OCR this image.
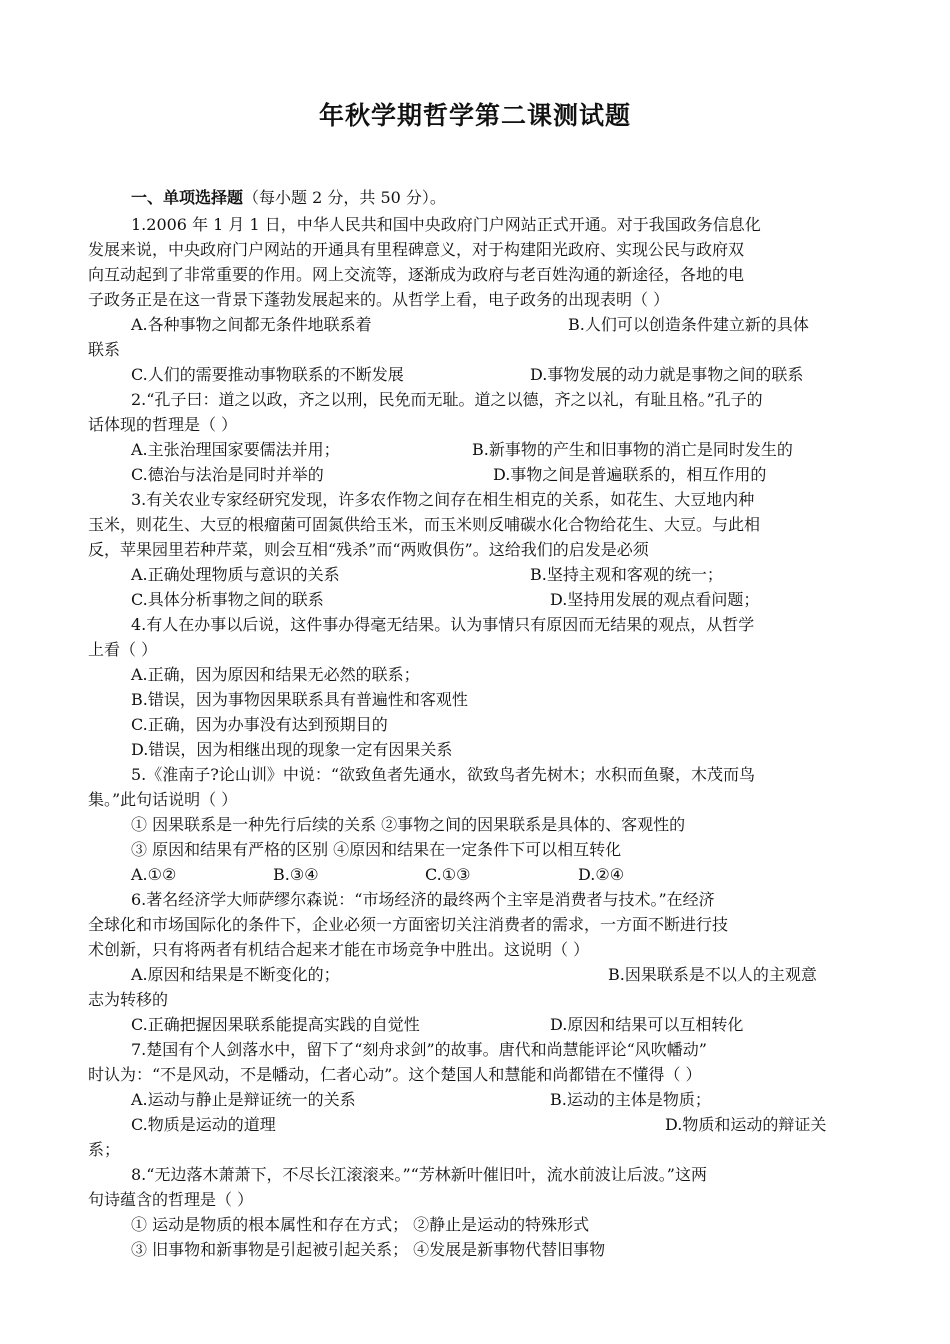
年秋学期哲学第二课测试题
一、单项选择题（每小题 2 分，共 50 分）。
1.2006 年 1 月 1 日，中华人民共和国中央政府门户网站正式开通。对于我国政务信息化
发展来说，中央政府门户网站的开通具有里程碑意义，对于构建阳光政府、实现公民与政府双
向互动起到了非常重要的作用。网上交流等，逐渐成为政府与老百姓沟通的新途径，各地的电
子政务正是在这一背景下蓬勃发展起来的。从哲学上看，电子政务的出现表明（ ）
A.各种事物之间都无条件地联系着	B.人们可以创造条件建立新的具体
联系
C.人们的需要推动事物联系的不断发展	D.事物发展的动力就是事物之间的联系
2.“孔子曰：道之以政，齐之以刑，民免而无耻。道之以德，齐之以礼，有耻且格。”孔子的
话体现的哲理是（ ）
A.主张治理国家要儒法并用；	B.新事物的产生和旧事物的消亡是同时发生的
C.德治与法治是同时并举的	D.事物之间是普遍联系的，相互作用的
3.有关农业专家经研究发现，许多农作物之间存在相生相克的关系，如花生、大豆地内种
玉米，则花生、大豆的根瘤菌可固氮供给玉米，而玉米则反哺碳水化合物给花生、大豆。与此相
反，苹果园里若种芹菜，则会互相“残杀”而“两败俱伤”。这给我们的启发是必须
A.正确处理物质与意识的关系	B.坚持主观和客观的统一；
C.具体分析事物之间的联系	D.坚持用发展的观点看问题；
4.有人在办事以后说，这件事办得毫无结果。认为事情只有原因而无结果的观点，从哲学
上看（ ）
A.正确，因为原因和结果无必然的联系；
B.错误，因为事物因果联系具有普遍性和客观性
C.正确，因为办事没有达到预期目的
D.错误，因为相继出现的现象一定有因果关系
5.《淮南子?论山训》中说：“欲致鱼者先通水，欲致鸟者先树木；水积而鱼聚，木茂而鸟
集。”此句话说明（ ）
① 因果联系是一种先行后续的关系 ②事物之间的因果联系是具体的、客观性的
③ 原因和结果有严格的区别 ④原因和结果在一定条件下可以相互转化
A.①②	B.③④	C.①③	D.②④
6.著名经济学大师萨缪尔森说：“市场经济的最终两个主宰是消费者与技术。”在经济
全球化和市场国际化的条件下，企业必须一方面密切关注消费者的需求，一方面不断进行技
术创新，只有将两者有机结合起来才能在市场竞争中胜出。这说明（ ）
A.原因和结果是不断变化的；	B.因果联系是不以人的主观意
志为转移的
C.正确把握因果联系能提高实践的自觉性	D.原因和结果可以互相转化
7.楚国有个人剑落水中，留下了“刻舟求剑”的故事。唐代和尚慧能评论“风吹幡动”
时认为：“不是风动，不是幡动，仁者心动”。这个楚国人和慧能和尚都错在不懂得（ ）
A.运动与静止是辩证统一的关系	B.运动的主体是物质；
C.物质是运动的道理	D.物质和运动的辩证关
系；
8.“无边落木萧萧下，不尽长江滚滚来。”“芳林新叶催旧叶，流水前波让后波。”这两
句诗蕴含的哲理是（ ）
① 运动是物质的根本属性和存在方式； ②静止是运动的特殊形式
③ 旧事物和新事物是引起被引起关系； ④发展是新事物代替旧事物
